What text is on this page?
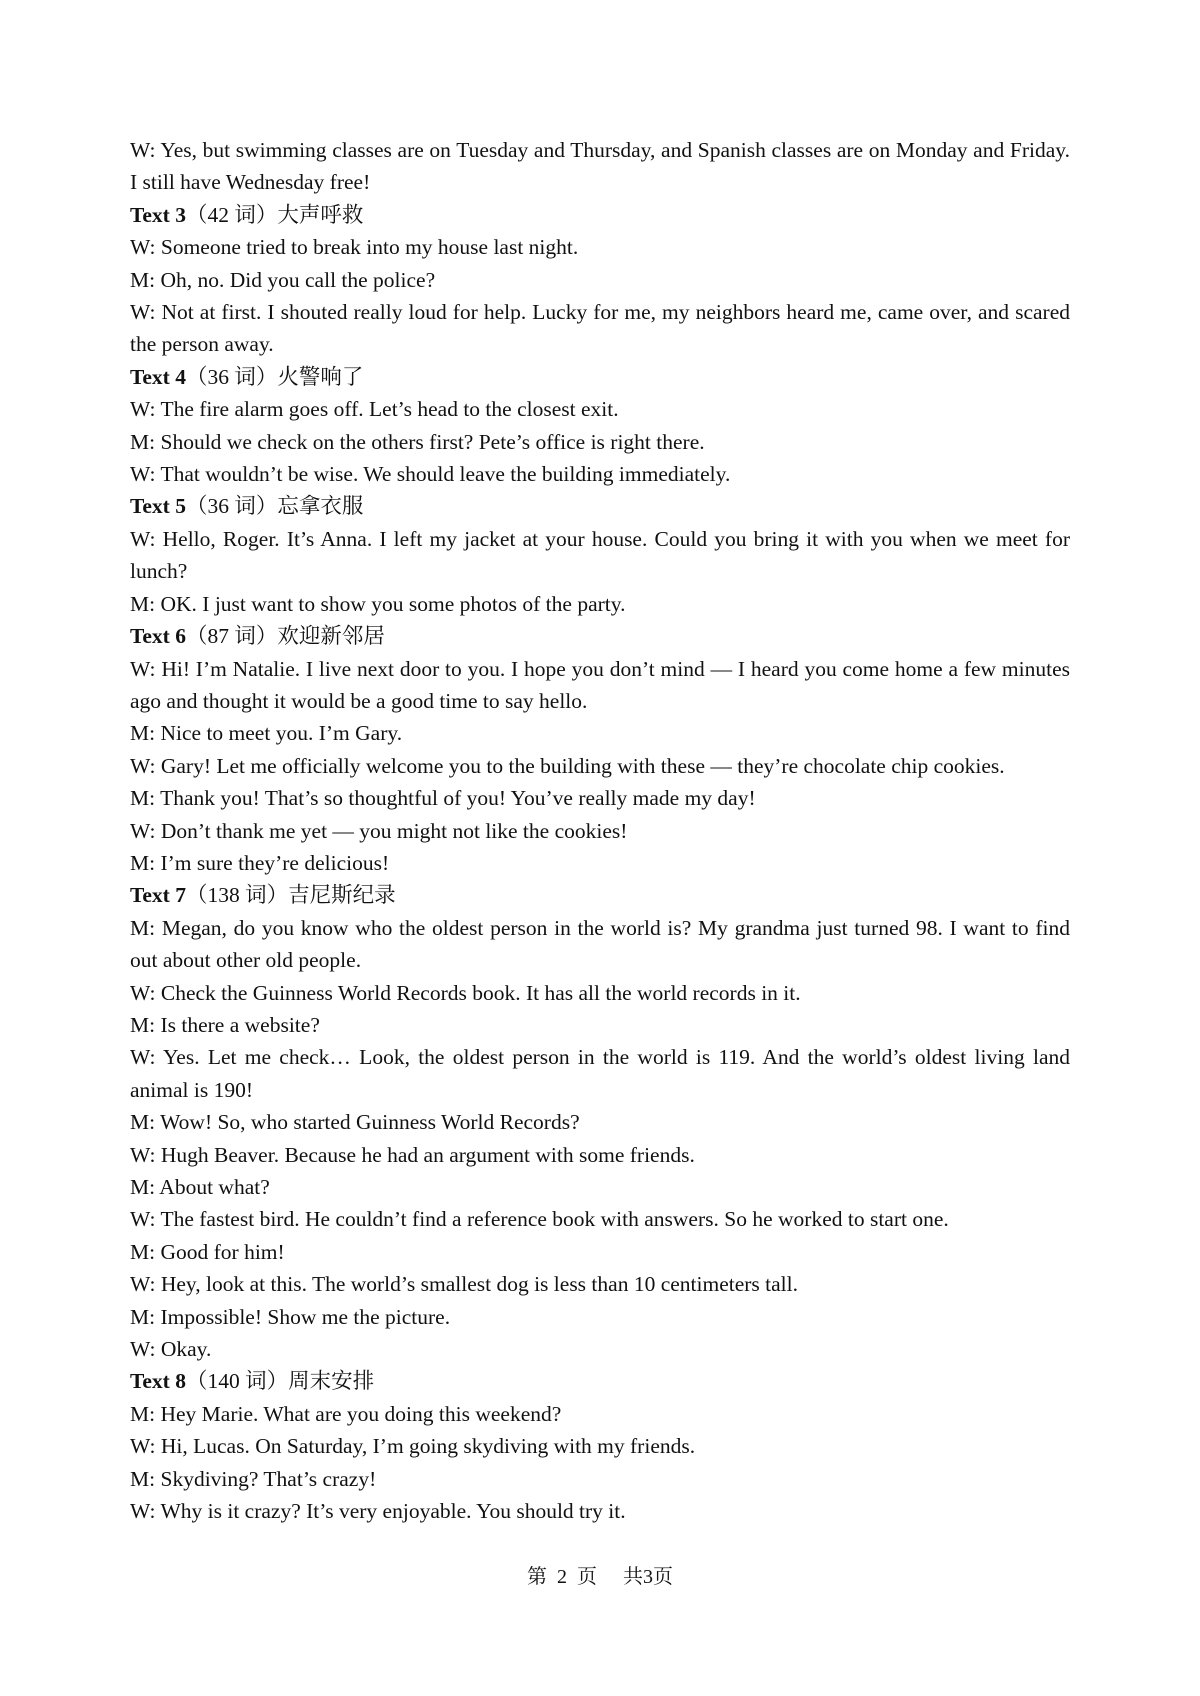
W: Yes, but swimming classes are on Tuesday and Thursday, and Spanish classes are on Monday and Friday. I still have Wednesday free!

Text 3（42 词）大声呼救

W: Someone tried to break into my house last night.

M: Oh, no. Did you call the police?

W: Not at first. I shouted really loud for help. Lucky for me, my neighbors heard me, came over, and scared the person away.

Text 4（36 词）火警响了

W: The fire alarm goes off. Let’s head to the closest exit.

M: Should we check on the others first? Pete’s office is right there.

W: That wouldn’t be wise. We should leave the building immediately.

Text 5（36 词）忘拿衣服

W: Hello, Roger. It’s Anna. I left my jacket at your house. Could you bring it with you when we meet for lunch?

M: OK. I just want to show you some photos of the party.

Text 6（87 词）欢迎新邻居

W: Hi! I’m Natalie. I live next door to you. I hope you don’t mind — I heard you come home a few minutes ago and thought it would be a good time to say hello.

M: Nice to meet you. I’m Gary.

W: Gary! Let me officially welcome you to the building with these — they’re chocolate chip cookies.

M: Thank you! That’s so thoughtful of you! You’ve really made my day!

W: Don’t thank me yet — you might not like the cookies!

M: I’m sure they’re delicious!

Text 7（138 词）吉尼斯纪录

M: Megan, do you know who the oldest person in the world is? My grandma just turned 98. I want to find out about other old people.

W: Check the Guinness World Records book. It has all the world records in it.

M: Is there a website?

W: Yes. Let me check… Look, the oldest person in the world is 119. And the world’s oldest living land animal is 190!

M: Wow! So, who started Guinness World Records?

W: Hugh Beaver. Because he had an argument with some friends.

M: About what?

W: The fastest bird. He couldn’t find a reference book with answers. So he worked to start one.

M: Good for him!

W: Hey, look at this. The world’s smallest dog is less than 10 centimeters tall.

M: Impossible! Show me the picture.

W: Okay.

Text 8（140 词）周末安排

M: Hey Marie. What are you doing this weekend?

W: Hi, Lucas. On Saturday, I’m going skydiving with my friends.

M: Skydiving? That’s crazy!

W: Why is it crazy? It’s very enjoyable. You should try it.

第 2 页 共3页
